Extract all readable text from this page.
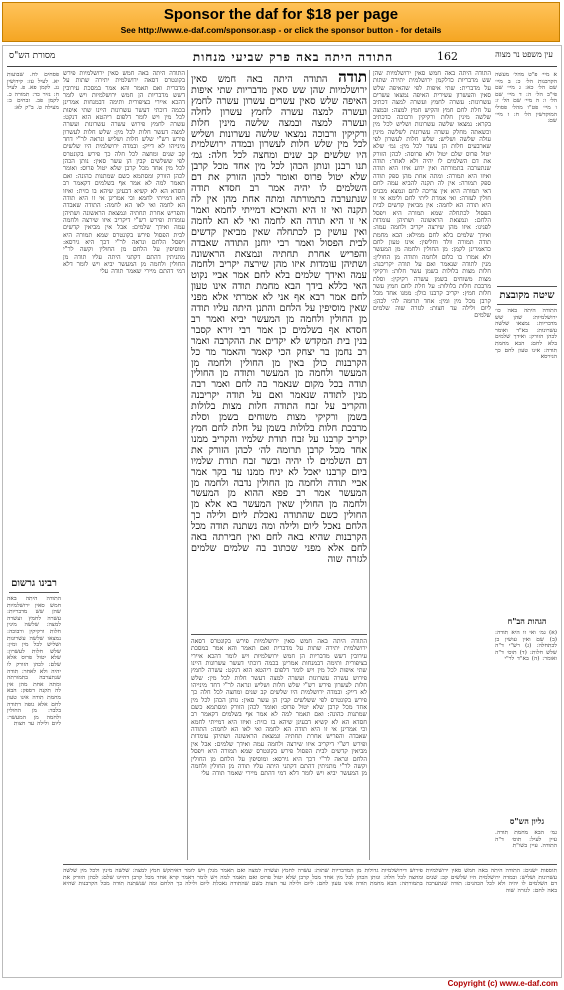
Sponsor the daf for $18 per page
See http://www.e-daf.com/sponsor.asp - or click the sponsor button - for details
מסורת הש"ס	התודה היתה באה פרק שביעי מנחות	162	עין משפט נר מצוה
פסחים לח. שבועות יא. לעיל עז: קידושין נג. לקמן פא. פ. לעיל ח: נזיר כד: תמורה כ. לקמן פב. זבחים ב: מעילה ט. ב"ק לא:
רבינו גרשום
התודה היתה באה חמש סאין ירושלמיות שהן שש מדבריות: עשרה לחמץ ועשרה למצה: שלשה מינין חלות ורקיקין ורבוכה: נמצאו שלשה עשרונות ושליש לכל מין ומין: שלש חלות לעשרון: שלא יטול פרוס אלא שלם: לכהן הזורק לו יהיה ולא לאחר: תודה שנתערבה בתמורתה ומתה אחת מהן אין לה תקנה דספק: הבא מחמת תודה אינו טעון לחם אלא גופה דתודה בלבד: מן החולין ולחמה מן המעשר: ליום ולילה עד חצות
התודה היתה באה חמש סאין ירושלמיות פירש בקונטרס דסאה ירושלמית יתירה שתות על מדברית ואם תאמר והא אמר במסכת עירובין דשש מדבריות הן חמש ירושלמיות ויש לומר דהכא איירי בציפורית ותימה דבמנחות אמרינן בכמה דוכתי דעשר עשרונות היינו שתי איפות לכל מין ויש לומר דלפום ריהטא הוא דנקט: עשרה לחמץ פירוש עשרה עשרונות ועשרה למצה דעשר חלות לכל מין: שלש חלות לעשרון פירש רש"י שלש חלות ושליש ונראה לר"י דחד מינייהו לא דייק: ובמדה ירושלמית היו שלשים קב שנים ומחצה לכל חלה כך פירש בקונטרס לפי ששלשים קבין הן עשר סאין: נותן הכהן לכל מין אחד מכל קרבן שלא יטול פרוס: ואומר לכהן הזורק ומסתמא כשם שמתנות כהונה: ואם תאמר למה לא אמר אף בשלמים דקאמר רב חסדא הא לא קשיא דבעינן שיהא בו כזית: ואיזו היא דמייתי לחמא וכי אמרינן אי זו היא תודה הא לחמה ואי לאו הא לחמה: התודה שאבדה והפריש אחרת תחתיה ונמצאת הראשונה ושתיהן עומדות ופירש רש"י דיקריב איזו שירצה ולחמה עמה ואידך שלמים: אבל אין מביאין קדשים לבית הפסול פירש בקונטרס שמא תמורה היא ויפסל הלחם ונראה לר"י דכך היא גירסא: ומוסיפין על הלחם מן החולין וקשה לר"י מתניתין דהתם דקתני היתה עליו תודה מן החולין ולחמה מן המעשר יביא ויש לומר דלא דמי דהתם מיירי שאמר תודה עלי
תודה התודה היתה באה חמש סאין ירושלמיות שהן שש סאין מדבריות שתי איפות האיפה שלש סאין עשרים עשרון עשרה לחמץ ועשרה למצה עשרה לחמץ עשרון לחלה ועשרה למצה ובמצה שלשה מינין חלות ורקיקין ורבוכה נמצאו שלשה עשרונות ושליש לכל מין שלש חלות לעשרון ובמדה ירושלמית היו שלשים קב שנים ומחצה לכל חלה: גמ׳ תנו רבנן ונותן הכהן לכל מין אחד מכל קרבן שלא יטול פרוס ואומר לכהן הזורק את דם השלמים לו יהיה אמר רב חסדא תודה שנתערבה בתמורתה ומתה אחת מהן אין לה תקנה ואי זו היא והאיכא דמייתי לחמא ואמר אי זו היא תודה הא לחמה ואי לא הא לחמה ואין עושין כן לכתחלה שאין מביאין קדשים לבית הפסול ואמר רבי יוחנן התודה שאבדה והפריש אחרת תחתיה ונמצאת הראשונה ושתיהן עומדות איזו מהן שירצה יקריב ולחמה עמה ואידך שלמים בלא לחם אמר אביי נקוט האי כללא בידך הבא מחמת תודה אינו טעון לחם אמר רבא אף אני לא אמרתי אלא מפני שאין מוסיפין על הלחם והתנן היתה עליו תודה מן החולין ולחמה מן המעשר יביא ואמר רב חסדא אף בשלמים כן אמר רבי זירא קסבר בנין בית המקדש לא יקדים את ההקרבה ואמר רב נחמן בר יצחק הכי קאמר והאמר מר כל הקרבנות כולן באין מן החולין ולחמה מן המעשר ולחמה מן המעשר ותודה מן החולין תודה בכל מקום שנאמר בה לחם ואמר רבה מנין לתודה שנאמר ואם על תודה יקריבנה והקריב על זבח התודה חלות מצות בלולות בשמן ורקיקי מצות משוחים בשמן וסלת מרבכת חלות בלולות בשמן על חלת לחם חמץ יקריב קרבנו על זבח תודת שלמיו והקריב ממנו אחד מכל קרבן תרומה לה׳ לכהן הזורק את דם השלמים לו יהיה ובשר זבח תודת שלמיו ביום קרבנו יאכל לא יניח ממנו עד בקר אמר אביי תודה ולחמה מן החולין נדבה ולחמה מן המעשר אמר רב פפא ההוא מן המעשר ולחמה מן החולין שאין המעשר בא אלא מן החולין כשם שהתודה נאכלת ליום ולילה כך הלחם נאכל ליום ולילה ומה נשתנה תודה מכל הקרבנות שהיא באה לחם ואין חבירתה באה לחם אלא מפני שכתוב בה שלמים שלמים לגזרה שוה
התודה היתה באה חמש סאין ירושלמיות פירש בקונטרס דסאה ירושלמית יתירה שתות על מדברית ואם תאמר והא אמר במסכת עירובין דשש מדבריות הן חמש ירושלמיות ויש לומר דהכא איירי בציפורית ותימה דבמנחות אמרינן בכמה דוכתי דעשר עשרונות היינו שתי איפות לכל מין ויש לומר דלפום ריהטא הוא דנקט: עשרה לחמץ פירוש עשרה עשרונות ועשרה למצה דעשר חלות לכל מין: שלש חלות לעשרון פירש רש"י שלש חלות ושליש ונראה לר"י דחד מינייהו לא דייק: ובמדה ירושלמית היו שלשים קב שנים ומחצה לכל חלה כך פירש בקונטרס לפי ששלשים קבין הן עשר סאין: נותן הכהן לכל מין אחד מכל קרבן שלא יטול פרוס: ואומר לכהן הזורק ומסתמא כשם שמתנות כהונה: ואם תאמר למה לא אמר אף בשלמים דקאמר רב חסדא הא לא קשיא דבעינן שיהא בו כזית: ואיזו היא דמייתי לחמא וכי אמרינן אי זו היא תודה הא לחמה ואי לאו הא לחמה: התודה שאבדה והפריש אחרת תחתיה ונמצאת הראשונה ושתיהן עומדות ופירש רש"י דיקריב איזו שירצה ולחמה עמה ואידך שלמים: אבל אין מביאין קדשים לבית הפסול פירש בקונטרס שמא תמורה היא ויפסל הלחם ונראה לר"י דכך היא גירסא: ומוסיפין על הלחם מן החולין וקשה לר"י מתניתין דהתם דקתני היתה עליו תודה מן החולין ולחמה מן המעשר יביא ויש לומר דלא דמי דהתם מיירי שאמר תודה עלי
התודה היתה באה חמש סאין ירושלמיות שהן שש מדבריות כדלקמן ירושלמית יתירה שתות על מדברית: שתי איפות לפי שהאיפה שלש סאין והעשרון עשירית האיפה נמצאו עשרים עשרונות: עשרה לחמץ ועשרה למצה דכתיב על חלת לחם חמץ והקיש חמץ למצה: ובמצה שלשה מינין חלות ורקיקין ורבוכה כדכתיב בקרא: נמצאו שלשה עשרונות ושליש לכל מין וכשאתה מחלק עשרה עשרונות לשלשה מינין עולה שלשה ושליש: שלש חלות לעשרון לפי שארבעים חלות הן עשר לכל מין: גמ׳ שלא יטול פרוס שלם יטול ולא פרוסה: לכהן הזורק את דם השלמים לו יהיה ולא לאחר: תודה שנתערבה בתמורתה ואין ידוע איזו היא תודה ואיזו היא תמורה: ומתה אחת מהן ספק תודה ספק תמורה: אין לה תקנה להביא עמה לחם דאי תמורה היא אין צריכה לחם ונמצא מכניס חולין לעזרה: ואי אמרת ליתי לחם ולימא אי זו היא תודה הא לחמה: אין מביאין קדשים לבית הפסול לכתחלה שמא תמורה היא ויפסל הלחם: ונמצאת הראשונה ושתיהן עומדות לפנינו: איזו מהן שירצה יקריב ולחמה עמה: ואידך שלמים בלא לחם ממילא: הבא מחמת תודה תמורה וולד וחליפין: אינו טעון לחם כדאמרינן לקמן: מן החולין ולחמה מן המעשר ולא אמרו בו כלום ולחמה ותודה מן החולין: מנין לתודה שנאמר ואם על תודה יקריבנה: חלות מצות בלולות בשמן עשר חלות: ורקיקי מצות משוחים בשמן עשרה רקיקין: וסלת מרבכת חלות בלולות: על חלת לחם חמץ עשר חלות חמץ: יקריב קרבנו כולן: ממנו אחד מכל קרבן מכל מין ומין: אחד תרומה לה׳ לכהן: ליום ולילה עד חצות: לגזרה שוה שלמים שלמים
א מיי׳ פ"ט מהל׳ מעשה הקרבנות הל׳ כ: ב מיי׳ שם הל׳ כא: ג מיי׳ שם פי"ב הל׳ ה: ד מיי׳ שם הל׳ ו: ה מיי׳ שם הל׳ ז: ו מיי׳ פט"ו מהל׳ פסולי המוקדשין הל׳ ח: ז מיי׳ שם:
שיטה מקובצת
התודה היתה באה כו׳ ירושלמיות: שהן שש מדבריות: נמצאו שלשה עשרונות: בא"ד ואומר לכהן הזורק: ואידך שלמים בלא לחם: הבא מחמת תודה: אינו טעון לחם כך הגירסא
הגהות הב"ח
(א) גמ׳ ואי זו היא תודה: (ב) שם ואין עושין כן לכתחלה: (ג) רש"י ד"ה שלש חלות: (ד) תוס׳ ד"ה ואומר: (ה) בא"ד לר"י
גליון הש"ס
גמ׳ הבא מחמת תודה. עיין לעיל: תוס׳ ד"ה התודה. עיין בשו"ת
תוספות ישנים: התודה היתה באה חמש סאין ירושלמיות פירוש דירושלמיות גדולות מן המדבריות שתות: עשרה לחמץ ועשרה למצה ואם תאמר מנלן ויש לומר דאיתקש חמץ למצה: שלשה מינין ולכל מין שלשה עשרונות ושליש: ובמדה ירושלמית היו שלשים קב: שנים ומחצה לכל חלה: ונותן הכהן לכל מין אחד מכל קרבן שלא יטול פרוס ואם תאמר למה ויש לומר דאמר קרא אחד מכל קרבן דהיינו שלם: לכהן הזורק את דם השלמים לו יהיה ולא לכל הכהנים: תודה שנתערבה בתמורתה: הבא מחמת תודה אינו טעון לחם: ליום ולילה עד חצות כשם שהתודה נאכלת ליום ולילה כך הלחם ומה שנשתנה תודה מכל הקרבנות שהיא באה לחם: לגזרה שוה
Copyright (c) www.e-daf.com
